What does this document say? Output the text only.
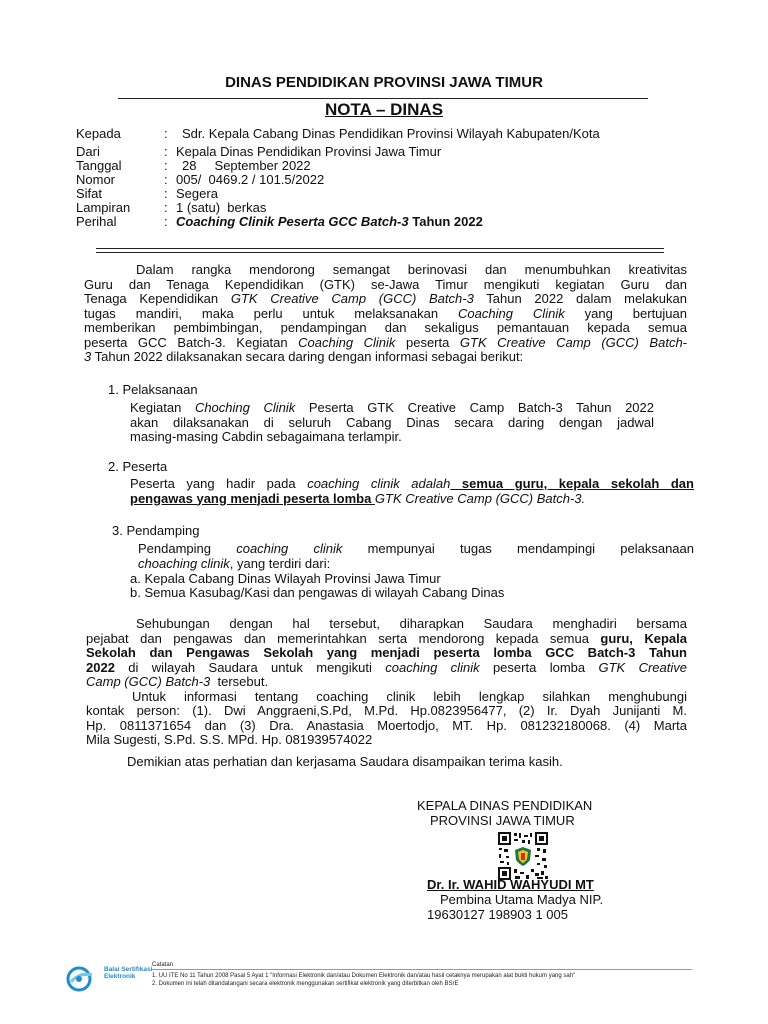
DINAS PENDIDIKAN PROVINSI JAWA TIMUR
NOTA – DINAS
Kepada	: Sdr. Kepala Cabang Dinas Pendidikan Provinsi Wilayah Kabupaten/Kota
Dari	: Kepala Dinas Pendidikan Provinsi Jawa Timur
Tanggal	: 28     September 2022
Nomor	: 005/  0469.2 / 101.5/2022
Sifat	: Segera
Lampiran	: 1 (satu)  berkas
Perihal	: Coaching Clinik Peserta GCC Batch-3 Tahun 2022
Dalam rangka mendorong semangat berinovasi dan menumbuhkan kreativitas
Guru dan Tenaga Kependidikan (GTK) se-Jawa Timur mengikuti kegiatan Guru dan
Tenaga Kependidikan GTK Creative Camp (GCC) Batch-3 Tahun 2022 dalam melakukan
tugas mandiri, maka perlu untuk melaksanakan Coaching Clinik yang bertujuan
memberikan pembimbingan, pendampingan dan sekaligus pemantauan kepada semua
peserta GCC Batch-3. Kegiatan Coaching Clinik peserta GTK Creative Camp (GCC) Batch-
3 Tahun 2022 dilaksanakan secara daring dengan informasi sebagai berikut:
1. Pelaksanaan
Kegiatan Choching Clinik Peserta GTK Creative Camp Batch-3 Tahun 2022
akan dilaksanakan di seluruh Cabang Dinas secara daring dengan jadwal
masing-masing Cabdin sebagaimana terlampir.
2. Peserta
Peserta yang hadir pada coaching clinik adalah semua guru, kepala sekolah dan
pengawas yang menjadi peserta lomba GTK Creative Camp (GCC) Batch-3.
3. Pendamping
Pendamping coaching clinik mempunyai tugas mendampingi pelaksanaan
choaching clinik, yang terdiri dari:
a. Kepala Cabang Dinas Wilayah Provinsi Jawa Timur
b. Semua Kasubag/Kasi dan pengawas di wilayah Cabang Dinas
Sehubungan dengan hal tersebut, diharapkan Saudara menghadiri bersama
pejabat dan pengawas dan memerintahkan serta mendorong kepada semua guru, Kepala
Sekolah dan Pengawas Sekolah yang menjadi peserta lomba GCC Batch-3 Tahun
2022 di wilayah Saudara untuk mengikuti coaching clinik peserta lomba GTK Creative
Camp (GCC) Batch-3  tersebut.
Untuk informasi tentang coaching clinik lebih lengkap silahkan menghubungi
kontak person: (1). Dwi Anggraeni,S.Pd, M.Pd. Hp.0823956477, (2) Ir. Dyah Junijanti M.
Hp. 0811371654 dan (3) Dra. Anastasia Moertodjo, MT. Hp. 081232180068. (4) Marta
Mila Sugesti, S.Pd. S.S. MPd. Hp. 081939574022
Demikian atas perhatian dan kerjasama Saudara disampaikan terima kasih.
KEPALA DINAS PENDIDIKAN
PROVINSI JAWA TIMUR
Dr. Ir. WAHID WAHYUDI MT
Pembina Utama Madya NIP.
19630127 198903 1 005
Balai Sertifikasi Elektronik
Catatan
1. UU ITE No 11 Tahun 2008 Pasal 5 Ayat 1 "Informasi Elektronik dan/atau Dokumen Elektronik dan/atau hasil cetaknya merupakan alat bukti hukum yang sah"
2. Dokumen ini telah ditandatangani secara elektronik menggunakan sertifikat elektronik yang diterbitkan oleh BSrE
